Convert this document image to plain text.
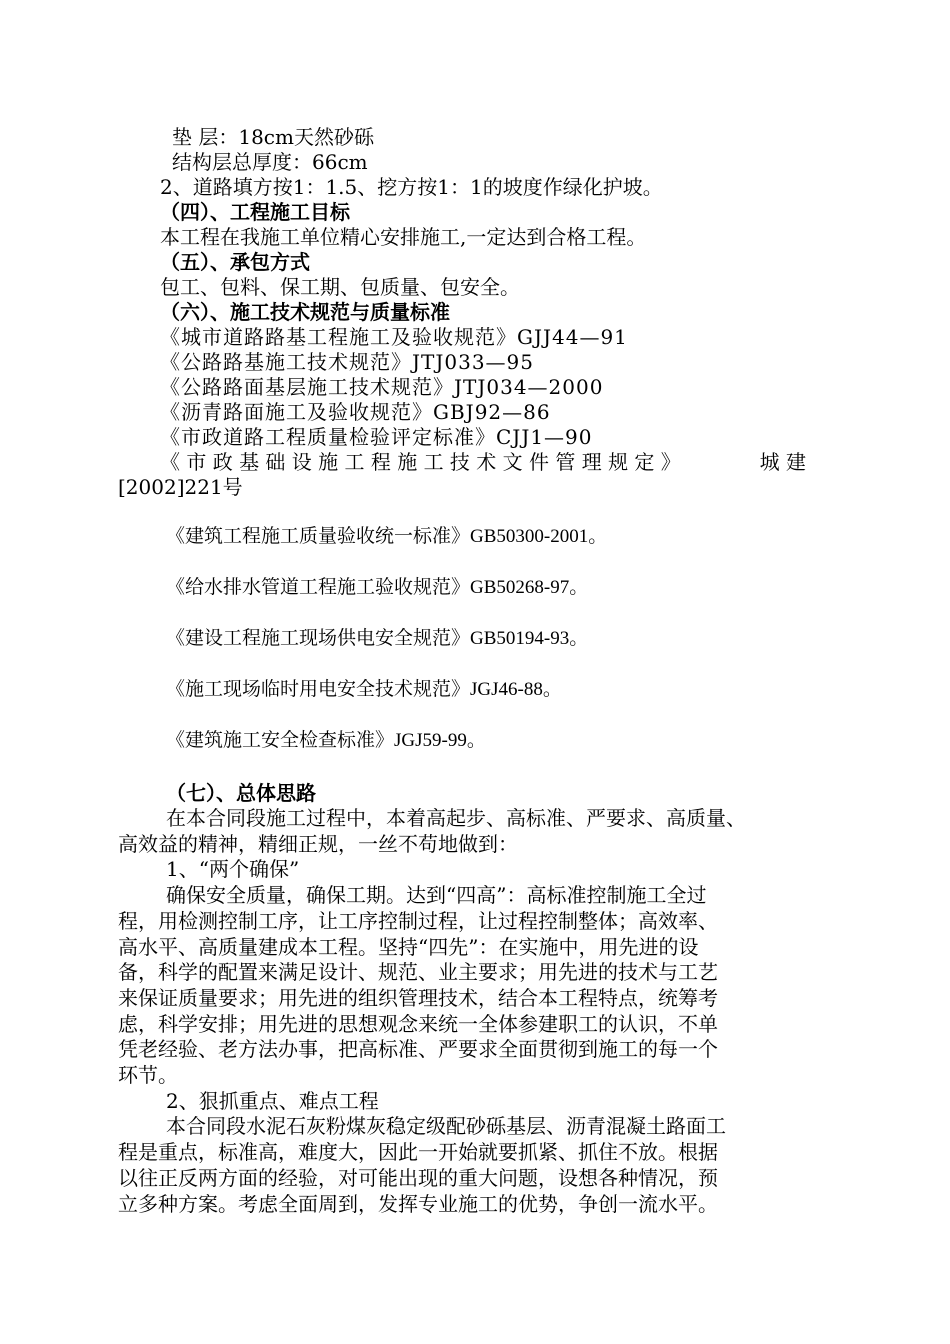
垫 层：18cm天然砂砾
结构层总厚度：66cm
2、道路填方按1：1.5、挖方按1：1的坡度作绿化护坡。
（四）、工程施工目标
本工程在我施工单位精心安排施工,一定达到合格工程。
（五）、承包方式
包工、包料、保工期、包质量、包安全。
（六）、施工技术规范与质量标准
《城市道路路基工程施工及验收规范》GJJ44—91
《公路路基施工技术规范》JTJ033—95
《公路路面基层施工技术规范》JTJ034—2000
《沥青路面施工及验收规范》GBJ92—86
《市政道路工程质量检验评定标准》CJJ1—90
《 市 政 基 础 设 施 工 程 施 工 技 术 文 件 管 理 规 定 》	城 建
[2002]221号
《建筑工程施工质量验收统一标准》GB50300-2001。
《给水排水管道工程施工验收规范》GB50268-97。
《建设工程施工现场供电安全规范》GB50194-93。
《施工现场临时用电安全技术规范》JGJ46-88。
《建筑施工安全检查标准》JGJ59-99。
（七）、总体思路
在本合同段施工过程中，本着高起步、高标准、严要求、高质量、
高效益的精神，精细正规，一丝不苟地做到：
1、“两个确保”
确保安全质量，确保工期。达到“四高”：高标准控制施工全过
程，用检测控制工序，让工序控制过程，让过程控制整体；高效率、
高水平、高质量建成本工程。坚持“四先”：在实施中，用先进的设
备，科学的配置来满足设计、规范、业主要求；用先进的技术与工艺
来保证质量要求；用先进的组织管理技术，结合本工程特点，统筹考
虑，科学安排；用先进的思想观念来统一全体参建职工的认识，不单
凭老经验、老方法办事，把高标准、严要求全面贯彻到施工的每一个
环节。
2、狠抓重点、难点工程
本合同段水泥石灰粉煤灰稳定级配砂砾基层、沥青混凝土路面工
程是重点，标准高，难度大，因此一开始就要抓紧、抓住不放。根据
以往正反两方面的经验，对可能出现的重大问题，设想各种情况，预
立多种方案。考虑全面周到，发挥专业施工的优势，争创一流水平。
